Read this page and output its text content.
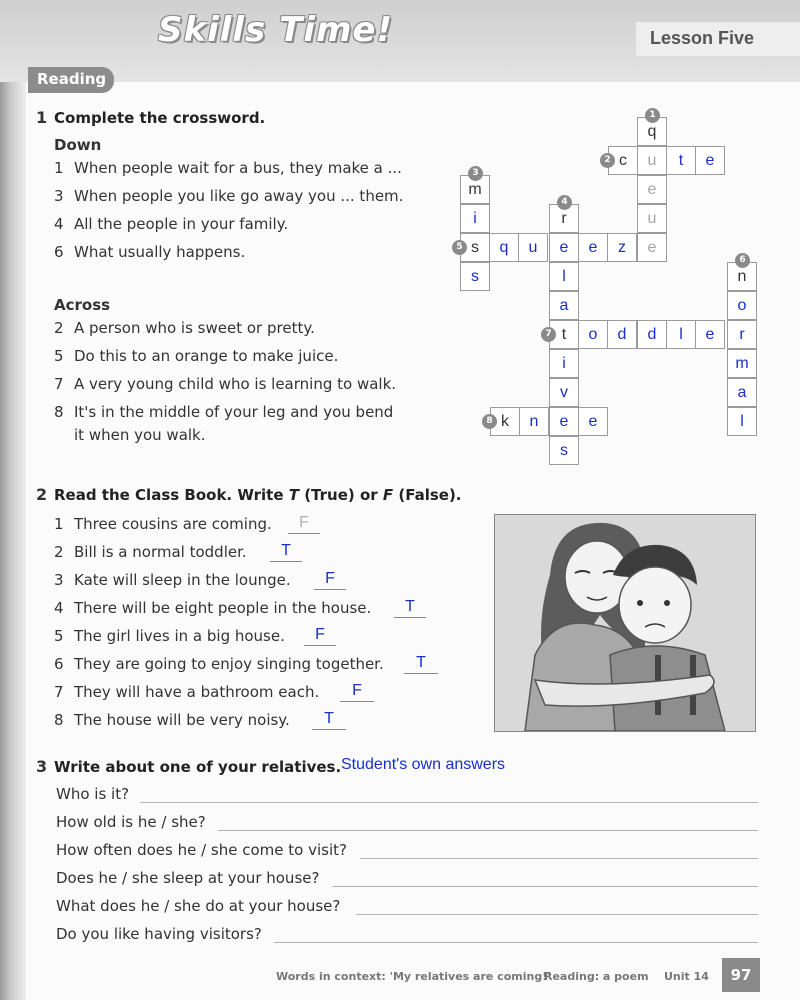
Skills Time!	Lesson Five
Reading
1 Complete the crossword.
Down
1 When people wait for a bus, they make a ...
3 When people you like go away you ... them.
4 All the people in your family.
6 What usually happens.
Across
2 A person who is sweet or pretty.
5 Do this to an orange to make juice.
7 A very young child who is learning to walk.
8 It's in the middle of your leg and you bend
it when you walk.
q
c	u	t	e
e
u
m
i
s
s
r
q	u	e	e	z	e
l
a
t
i
v
e
s
n
o
r
m
a
l
o	d	d	l	e
k	n	e
1
2
3
4
5
6
7
8
2 Read the Class Book. Write T (True) or F (False).
1 Three cousins are coming.	F
2 Bill is a normal toddler.	T
3 Kate will sleep in the lounge.	F
4 There will be eight people in the house.	T
5 The girl lives in a big house.	F
6 They are going to enjoy singing together.	T
7 They will have a bathroom each.	F
8 The house will be very noisy.	T
3 Write about one of your relatives. Student's own answers
Who is it?
How old is he / she?
How often does he / she come to visit?
Does he / she sleep at your house?
What does he / she do at your house?
Do you like having visitors?
Words in context: 'My relatives are coming!'
Reading: a poem Unit 14	97
